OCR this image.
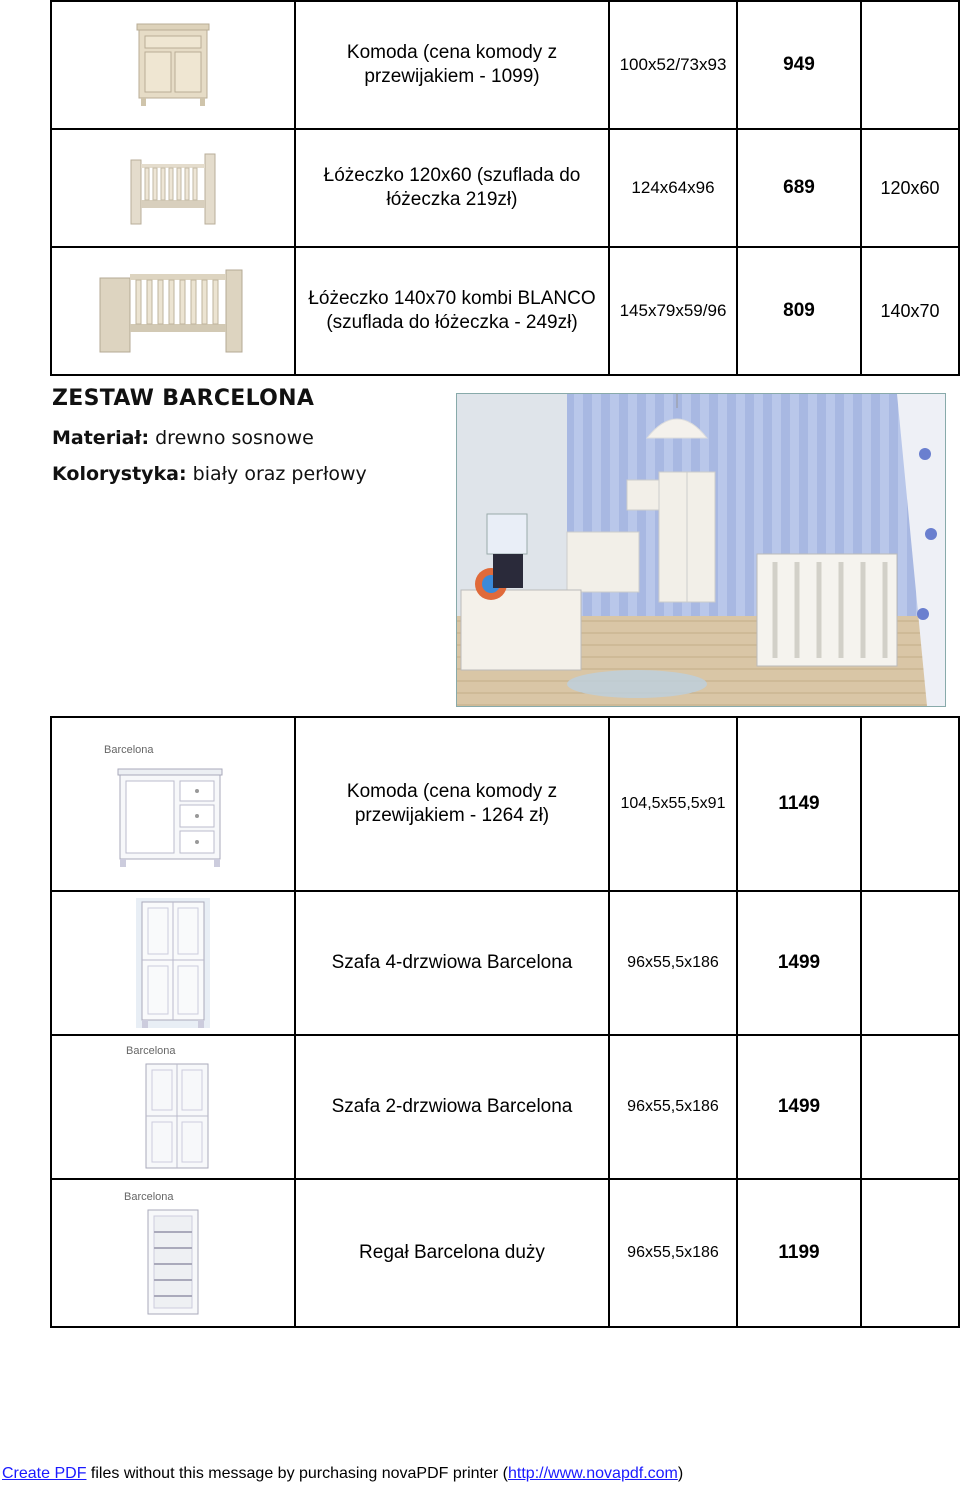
	Komoda (cena komody z przewijakiem - 1099)	100x52/73x93	949	

	Łóżeczko 120x60 (szuflada do łóżeczka 219zł)	124x64x96	689	120x60

	Łóżeczko 140x70 kombi BLANCO (szuflada do łóżeczka - 249zł)	145x79x59/96	809	140x70
ZESTAW BARCELONA
Materiał: drewno sosnowe
Kolorystyka: biały oraz perłowy
Barcelona	Komoda (cena komody z przewijakiem - 1264 zł)	104,5x55,5x91	1149	

	Szafa 4-drzwiowa Barcelona	96x55,5x186	1499	

Barcelona	Szafa 2-drzwiowa Barcelona	96x55,5x186	1499	

Barcelona	Regał Barcelona duży	96x55,5x186	1199	
Create PDF files without this message by purchasing novaPDF printer (http://www.novapdf.com)
